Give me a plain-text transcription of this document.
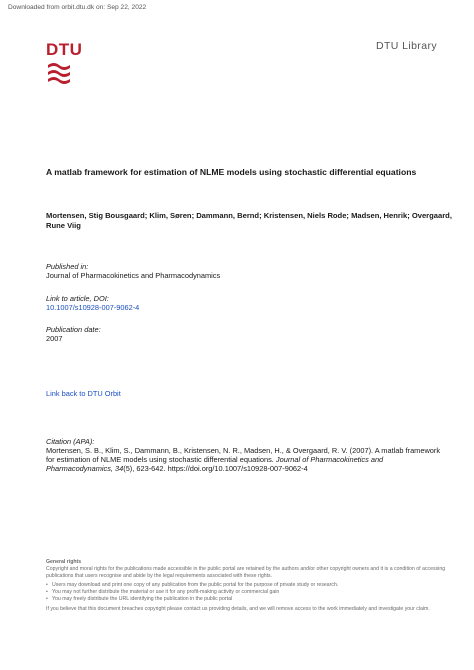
Downloaded from orbit.dtu.dk on: Sep 22, 2022
DTU	DTU Library
A matlab framework for estimation of NLME models using stochastic differential equations
Mortensen, Stig Bousgaard; Klim, Søren; Dammann, Bernd; Kristensen, Niels Rode; Madsen, Henrik; Overgaard, Rune Viig
Published in:
Journal of Pharmacokinetics and Pharmacodynamics
Link to article, DOI:
10.1007/s10928-007-9062-4
Publication date:
2007
Link back to DTU Orbit
Citation (APA):
Mortensen, S. B., Klim, S., Dammann, B., Kristensen, N. R., Madsen, H., & Overgaard, R. V. (2007). A matlab framework for estimation of NLME models using stochastic differential equations. Journal of Pharmacokinetics and Pharmacodynamics, 34(5), 623-642. https://doi.org/10.1007/s10928-007-9062-4
General rights
Copyright and moral rights for the publications made accessible in the public portal are retained by the authors and/or other copyright owners and it is a condition of accessing publications that users recognise and abide by the legal requirements associated with these rights.
• Users may download and print one copy of any publication from the public portal for the purpose of private study or research.
• You may not further distribute the material or use it for any profit-making activity or commercial gain
• You may freely distribute the URL identifying the publication in the public portal
If you believe that this document breaches copyright please contact us providing details, and we will remove access to the work immediately and investigate your claim.
